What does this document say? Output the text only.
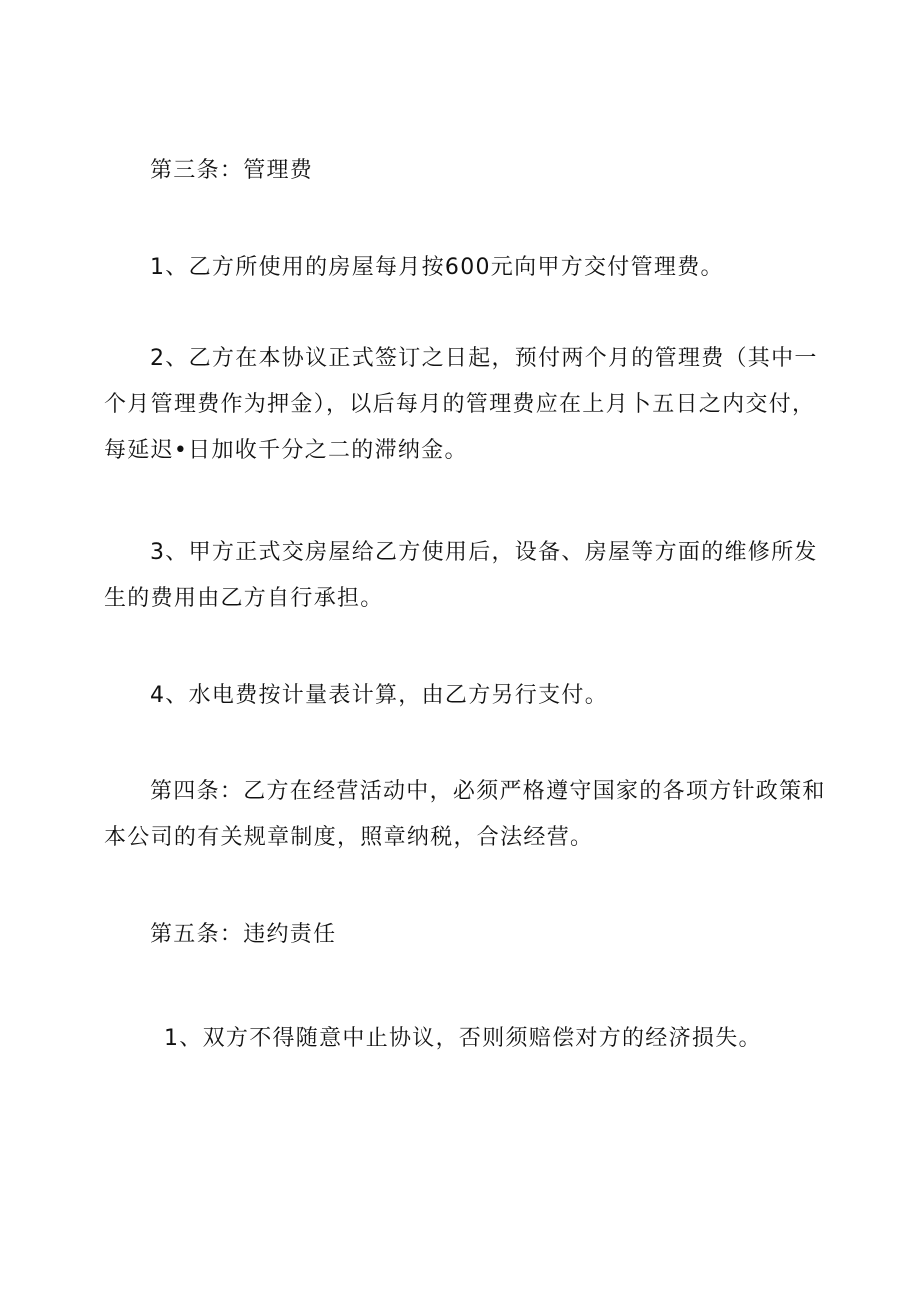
第三条：管理费

1、乙方所使用的房屋每月按600元向甲方交付管理费。

2、乙方在本协议正式签订之日起，预付两个月的管理费（其中一
个月管理费作为押金），以后每月的管理费应在上月卜五日之内交付，
每延迟•日加收千分之二的滞纳金。

3、甲方正式交房屋给乙方使用后，设备、房屋等方面的维修所发
生的费用由乙方自行承担。

4、水电费按计量表计算，由乙方另行支付。

第四条：乙方在经营活动中，必须严格遵守国家的各项方针政策和
本公司的有关规章制度，照章纳税，合法经营。

第五条：违约责任

1、双方不得随意中止协议，否则须赔偿对方的经济损失。
